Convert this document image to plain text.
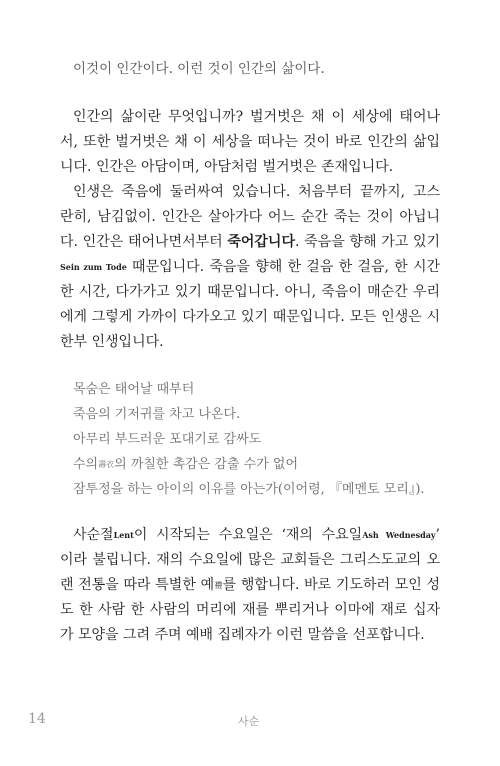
이것이 인간이다. 이런 것이 인간의 삶이다.

인간의 삶이란 무엇입니까? 벌거벗은 채 이 세상에 태어나

서, 또한 벌거벗은 채 이 세상을 떠나는 것이 바로 인간의 삶입

니다. 인간은 아담이며, 아담처럼 벌거벗은 존재입니다.

인생은 죽음에 둘러싸여 있습니다. 처음부터 끝까지, 고스

란히, 남김없이. 인간은 살아가다 어느 순간 죽는 것이 아닙니

다. 인간은 태어나면서부터 죽어갑니다. 죽음을 향해 가고 있기

Sein zum Tode 때문입니다. 죽음을 향해 한 걸음 한 걸음, 한 시간

한 시간, 다가가고 있기 때문입니다. 아니, 죽음이 매순간 우리

에게 그렇게 가까이 다가오고 있기 때문입니다. 모든 인생은 시

한부 인생입니다.

목숨은 태어날 때부터

죽음의 기저귀를 차고 나온다.

아무리 부드러운 포대기로 감싸도

수의壽衣의 까칠한 촉감은 감출 수가 없어

잠투정을 하는 아이의 이유를 아는가(이어령, 『메멘토 모리』).

사순절Lent이 시작되는 수요일은 ‘재의 수요일Ash Wednesday’

이라 불립니다. 재의 수요일에 많은 교회들은 그리스도교의 오

랜 전통을 따라 특별한 예禮를 행합니다. 바로 기도하러 모인 성

도 한 사람 한 사람의 머리에 재를 뿌리거나 이마에 재로 십자

가 모양을 그려 주며 예배 집례자가 이런 말씀을 선포합니다.

14	사순
